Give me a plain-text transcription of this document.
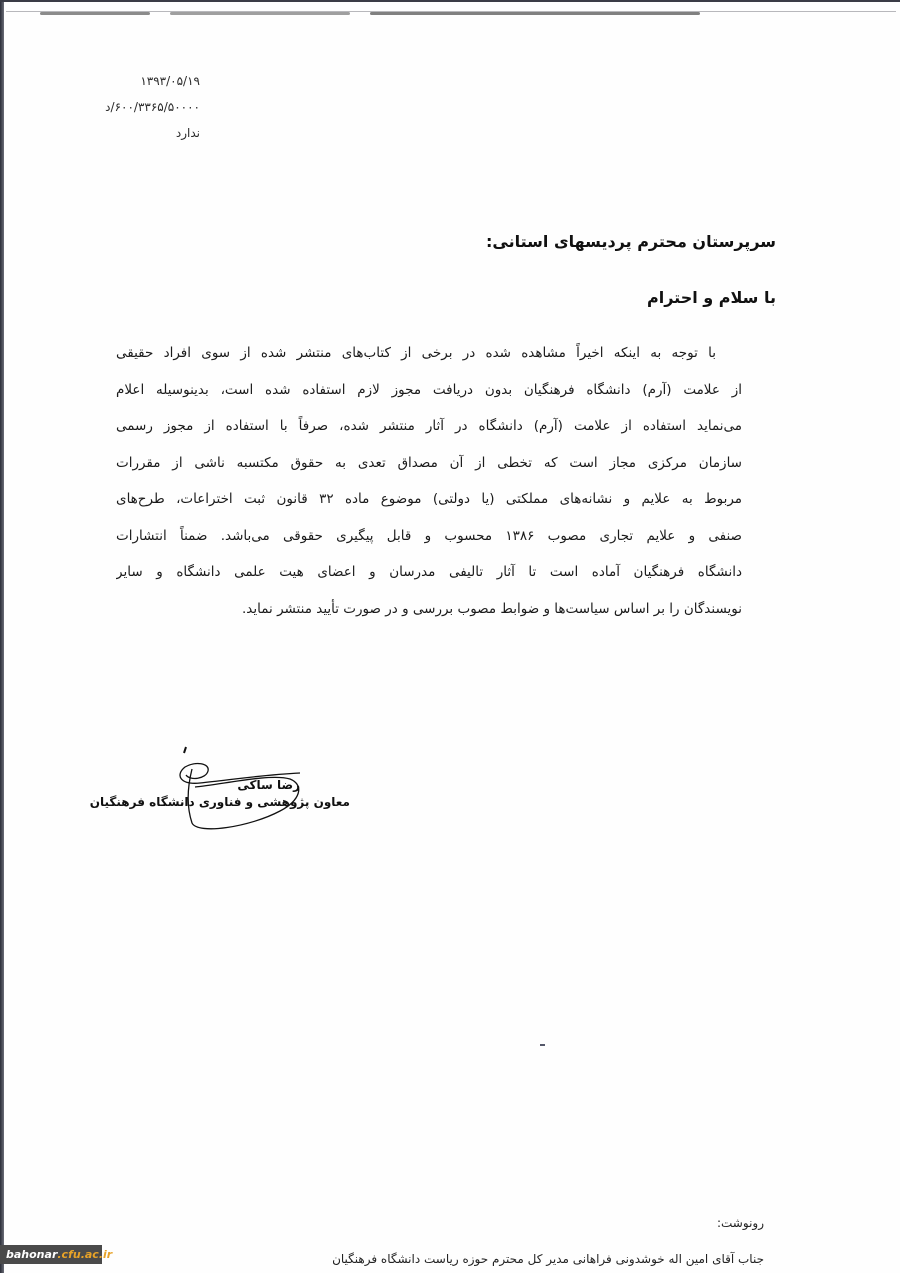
۱۳۹۳/۰۵/۱۹
۶۰۰/۳۳۶۵/۵۰۰۰۰/د
ندارد
سرپرستان محترم پردیسهای استانی:
با سلام و احترام
با توجه به اینکه اخیراً مشاهده شده در برخی از کتاب‌های منتشر شده از سوی افراد حقیقی
از علامت (آرم) دانشگاه فرهنگیان بدون دریافت مجوز لازم استفاده شده است، بدینوسیله اعلام
می‌نماید استفاده از علامت (آرم) دانشگاه در آثار منتشر شده، صرفاً با استفاده از مجوز رسمی
سازمان مرکزی مجاز است که تخطی از آن مصداق تعدی به حقوق مکتسبه ناشی از مقررات
مربوط به علایم و نشانه‌های مملکتی (یا دولتی) موضوع ماده ۳۲ قانون ثبت اختراعات، طرح‌های
صنفی و علایم تجاری مصوب ۱۳۸۶ محسوب و قابل پیگیری حقوقی می‌باشد. ضمناً انتشارات
دانشگاه فرهنگیان آماده است تا آثار تالیفی مدرسان و اعضای هیت علمی دانشگاه و سایر
نویسندگان را بر اساس سیاست‌ها و ضوابط مصوب بررسی و در صورت تأیید منتشر نماید.
رضا ساکی
معاون پژوهشی و فناوری دانشگاه فرهنگیان
رونوشت:
جناب آقای امین اله خوشدونی فراهانی مدیر کل محترم حوزه ریاست دانشگاه فرهنگیان
bahonar .cfu.ac.ir
